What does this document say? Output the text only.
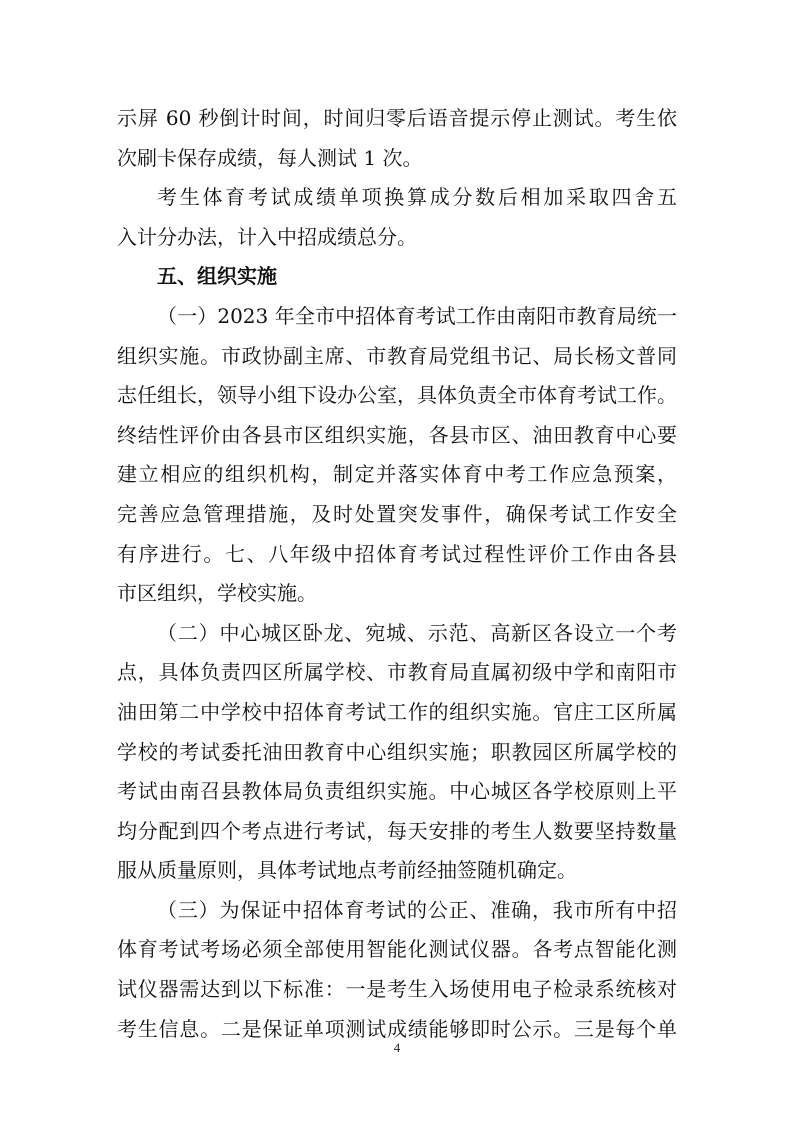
示屏 60 秒倒计时间，时间归零后语音提示停止测试。考生依
次刷卡保存成绩，每人测试 1 次。
考生体育考试成绩单项换算成分数后相加采取四舍五
入计分办法，计入中招成绩总分。
五、组织实施
（一）2023 年全市中招体育考试工作由南阳市教育局统一
组织实施。市政协副主席、市教育局党组书记、局长杨文普同
志任组长，领导小组下设办公室，具体负责全市体育考试工作。
终结性评价由各县市区组织实施，各县市区、油田教育中心要
建立相应的组织机构，制定并落实体育中考工作应急预案，
完善应急管理措施，及时处置突发事件，确保考试工作安全
有序进行。七、八年级中招体育考试过程性评价工作由各县
市区组织，学校实施。
（二）中心城区卧龙、宛城、示范、高新区各设立一个考
点，具体负责四区所属学校、市教育局直属初级中学和南阳市
油田第二中学校中招体育考试工作的组织实施。官庄工区所属
学校的考试委托油田教育中心组织实施；职教园区所属学校的
考试由南召县教体局负责组织实施。中心城区各学校原则上平
均分配到四个考点进行考试，每天安排的考生人数要坚持数量
服从质量原则，具体考试地点考前经抽签随机确定。
（三）为保证中招体育考试的公正、准确，我市所有中招
体育考试考场必须全部使用智能化测试仪器。各考点智能化测
试仪器需达到以下标准：一是考生入场使用电子检录系统核对
考生信息。二是保证单项测试成绩能够即时公示。三是每个单
4
